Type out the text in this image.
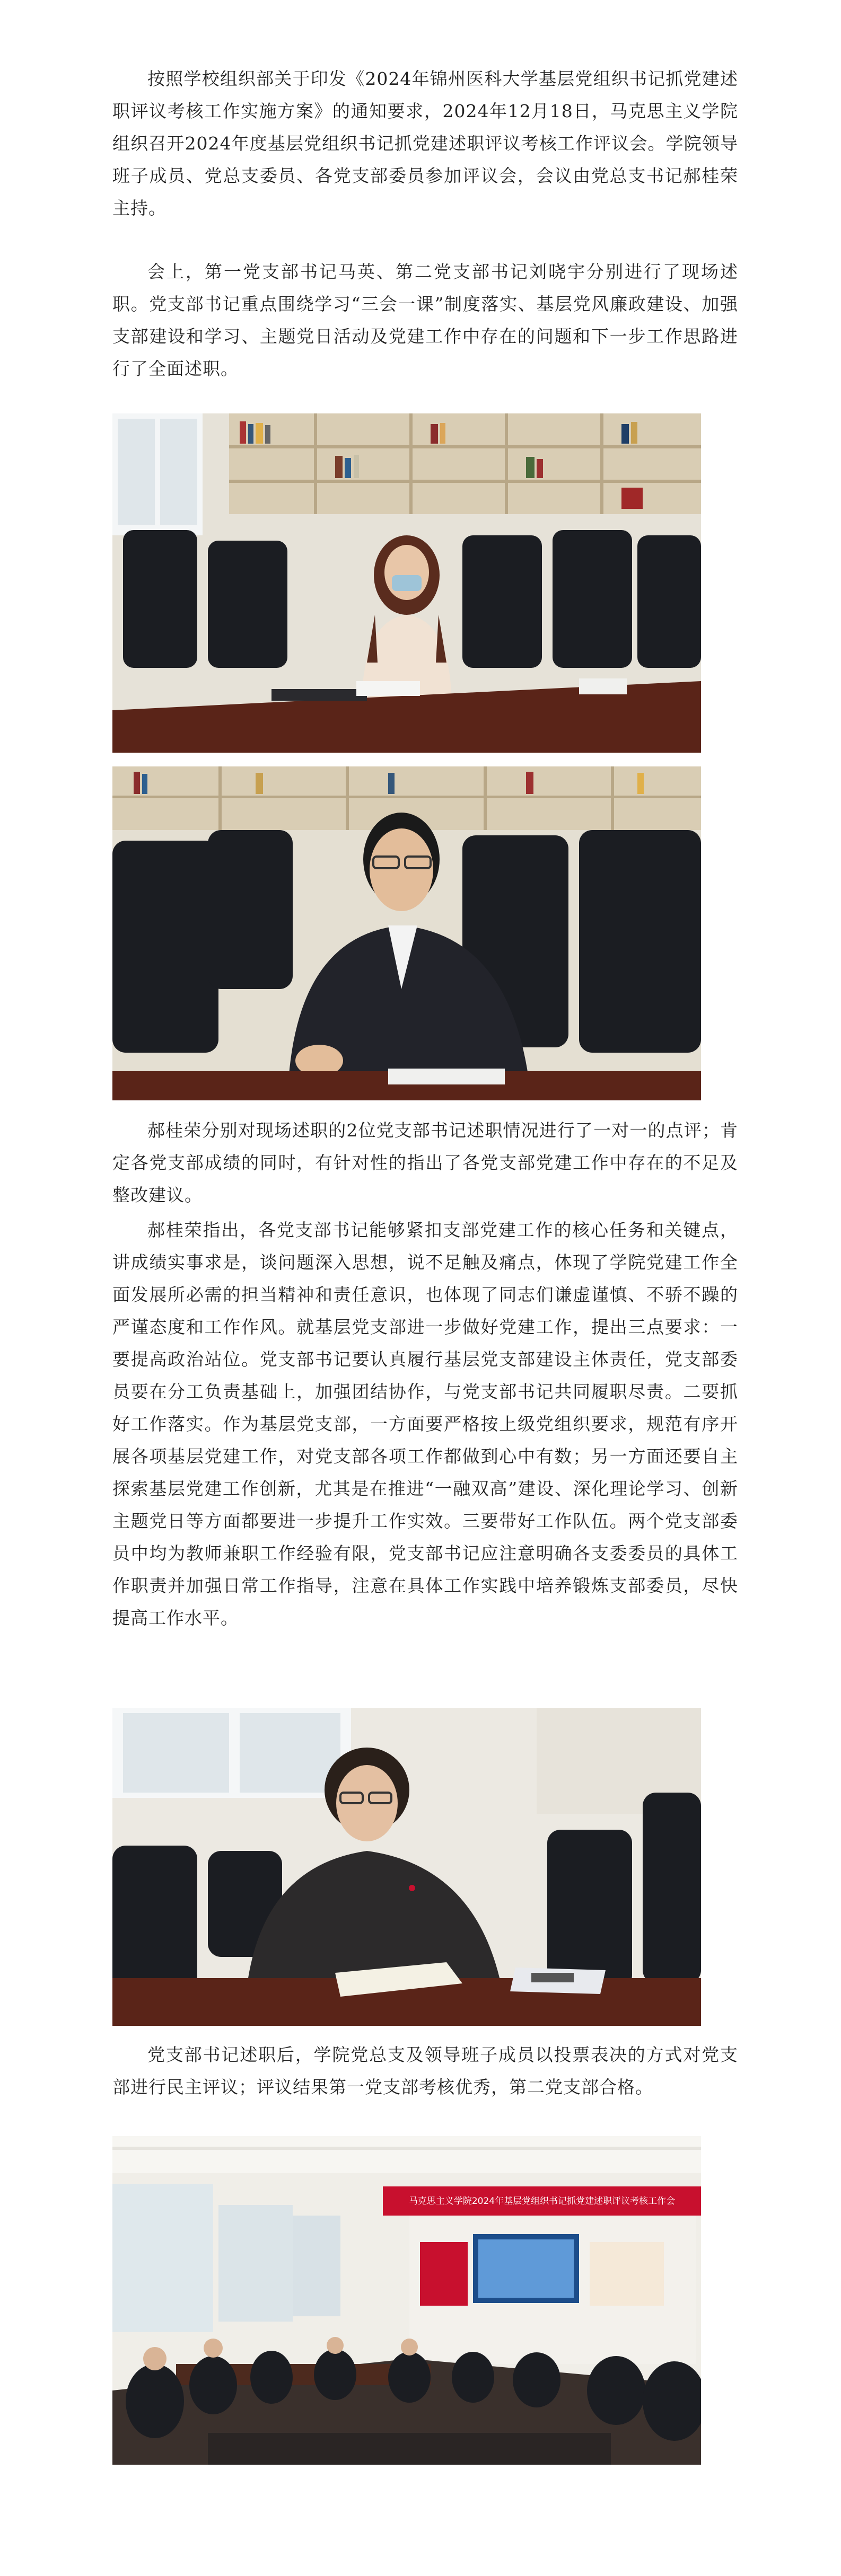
按照学校组织部关于印发《2024年锦州医科大学基层党组织书记抓党建述职评议考核工作实施方案》的通知要求，2024年12月18日，马克思主义学院组织召开2024年度基层党组织书记抓党建述职评议考核工作评议会。学院领导班子成员、党总支委员、各党支部委员参加评议会，会议由党总支书记郝桂荣主持。

会上，第一党支部书记马英、第二党支部书记刘晓宇分别进行了现场述职。党支部书记重点围绕学习“三会一课”制度落实、基层党风廉政建设、加强支部建设和学习、主题党日活动及党建工作中存在的问题和下一步工作思路进行了全面述职。

郝桂荣分别对现场述职的2位党支部书记述职情况进行了一对一的点评；肯定各党支部成绩的同时，有针对性的指出了各党支部党建工作中存在的不足及整改建议。

郝桂荣指出，各党支部书记能够紧扣支部党建工作的核心任务和关键点，讲成绩实事求是，谈问题深入思想，说不足触及痛点，体现了学院党建工作全面发展所必需的担当精神和责任意识，也体现了同志们谦虚谨慎、不骄不躁的严谨态度和工作作风。就基层党支部进一步做好党建工作，提出三点要求：一要提高政治站位。党支部书记要认真履行基层党支部建设主体责任，党支部委员要在分工负责基础上，加强团结协作，与党支部书记共同履职尽责。二要抓好工作落实。作为基层党支部，一方面要严格按上级党组织要求，规范有序开展各项基层党建工作，对党支部各项工作都做到心中有数；另一方面还要自主探索基层党建工作创新，尤其是在推进“一融双高”建设、深化理论学习、创新主题党日等方面都要进一步提升工作实效。三要带好工作队伍。两个党支部委员中均为教师兼职工作经验有限，党支部书记应注意明确各支委委员的具体工作职责并加强日常工作指导，注意在具体工作实践中培养锻炼支部委员，尽快提高工作水平。

党支部书记述职后，学院党总支及领导班子成员以投票表决的方式对党支部进行民主评议；评议结果第一党支部考核优秀，第二党支部合格。

马克思主义学院2024年基层党组织书记抓党建述职评议考核工作会
